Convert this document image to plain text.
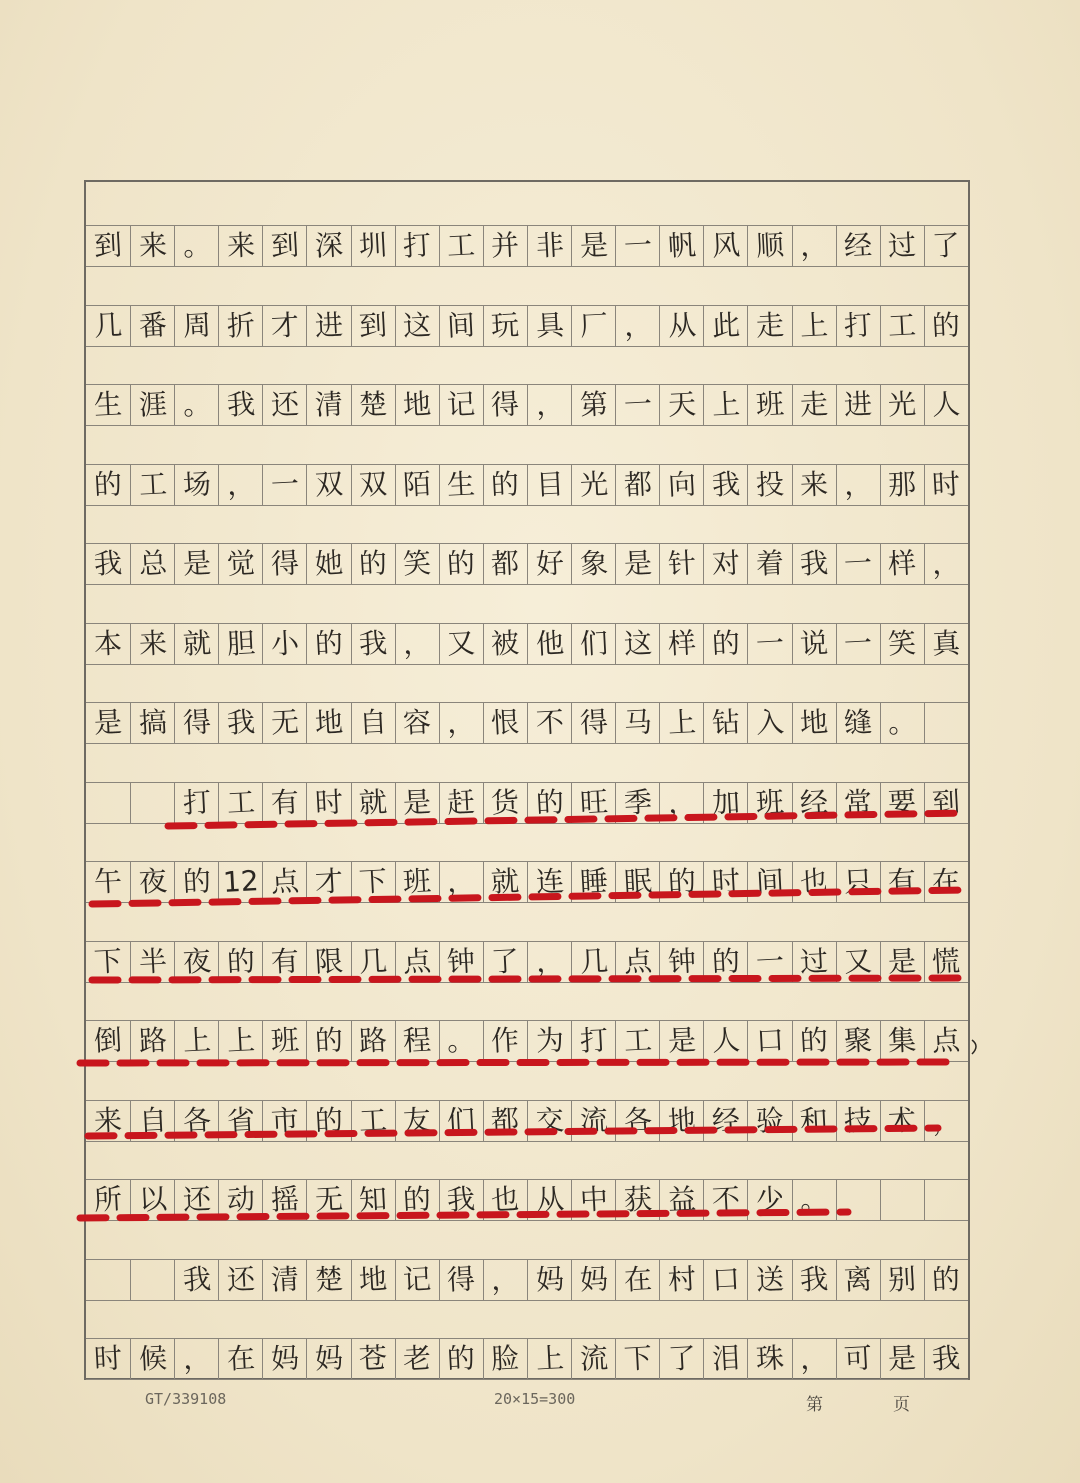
到 来 。 来 到 深 圳 打 工 并 非 是 一 帆 风 顺 ， 经 过 了
几 番 周 折 才 进 到 这 间 玩 具 厂 ， 从 此 走 上 打 工 的
生 涯 。 我 还 清 楚 地 记 得 ， 第 一 天 上 班 走 进 光 人
的 工 场 ， 一 双 双 陌 生 的 目 光 都 向 我 投 来 ， 那 时
我 总 是 觉 得 她 的 笑 的 都 好 象 是 针 对 着 我 一 样 ，
本 来 就 胆 小 的 我 ， 又 被 他 们 这 样 的 一 说 一 笑 真
是 搞 得 我 无 地 自 容 ， 恨 不 得 马 上 钻 入 地 缝 。
打 工 有 时 就 是 赶 货 的 旺 季 ， 加 班 经 常 要 到
午 夜 的 12 点 才 下 班 ， 就 连 睡 眠 的 时 间 也 只 有 在
下 半 夜 的 有 限 几 点 钟 了 ， 几 点 钟 的 一 过 又 是 慌
倒 路 上 上 班 的 路 程 。 作 为 打 工 是 人 口 的 聚 集 点
来 自 各 省 市 的 工 友 们 都 交 流 各 地 经 验 和 技 术 ，
所 以 还 动 摇 无 知 的 我 也 从 中 获 益 不 少 。
我 还 清 楚 地 记 得 ， 妈 妈 在 村 口 送 我 离 别 的
时 候 ， 在 妈 妈 苍 老 的 脸 上 流 下 了 泪 珠 ， 可 是 我
GT/339108	20×15=300	第	页
